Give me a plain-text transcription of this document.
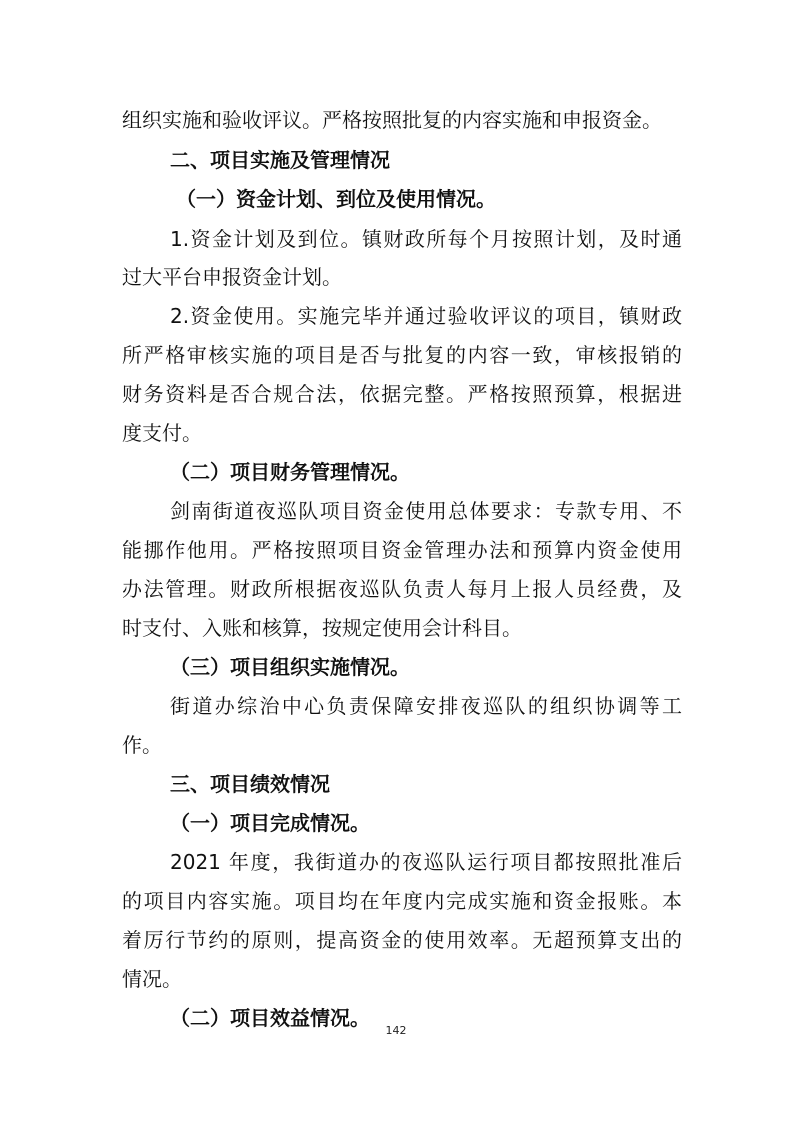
组织实施和验收评议。严格按照批复的内容实施和申报资金。
二、项目实施及管理情况
（一）资金计划、到位及使用情况。
1.资金计划及到位。镇财政所每个月按照计划，及时通
过大平台申报资金计划。
2.资金使用。实施完毕并通过验收评议的项目，镇财政
所严格审核实施的项目是否与批复的内容一致，审核报销的
财务资料是否合规合法，依据完整。严格按照预算，根据进
度支付。
（二）项目财务管理情况。
剑南街道夜巡队项目资金使用总体要求：专款专用、不
能挪作他用。严格按照项目资金管理办法和预算内资金使用
办法管理。财政所根据夜巡队负责人每月上报人员经费，及
时支付、入账和核算，按规定使用会计科目。
（三）项目组织实施情况。
街道办综治中心负责保障安排夜巡队的组织协调等工
作。
三、项目绩效情况
（一）项目完成情况。
2021 年度，我街道办的夜巡队运行项目都按照批准后
的项目内容实施。项目均在年度内完成实施和资金报账。本
着厉行节约的原则，提高资金的使用效率。无超预算支出的
情况。
（二）项目效益情况。
142
